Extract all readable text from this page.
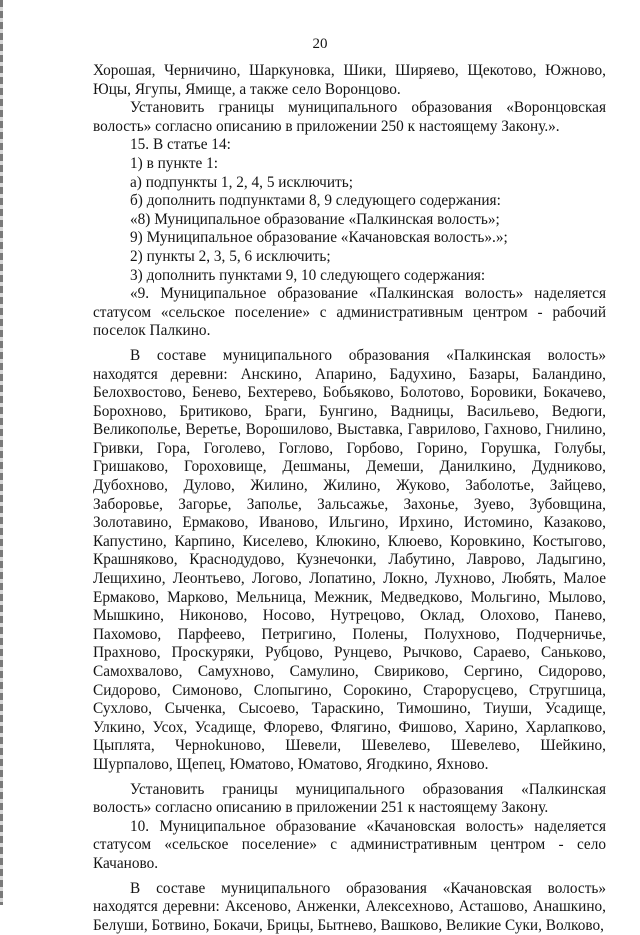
20

Хорошая, Черничино, Шаркуновка, Шики, Ширяево, Щекотово, Южново, Юцы, Ягупы, Ямище, а также село Воронцово.

Установить границы муниципального образования «Воронцовская волость» согласно описанию в приложении 250 к настоящему Закону.».

15. В статье 14:

1) в пункте 1:

а) подпункты 1, 2, 4, 5 исключить;

б) дополнить подпунктами 8, 9 следующего содержания:

«8) Муниципальное образование «Палкинская волость»;

9) Муниципальное образование «Качановская волость».»;

2) пункты 2, 3, 5, 6 исключить;

3) дополнить пунктами 9, 10 следующего содержания:

«9. Муниципальное образование «Палкинская волость» наделяется статусом «сельское поселение» с административным центром - рабочий поселок Палкино.

В составе муниципального образования «Палкинская волость» находятся деревни: Анскино, Апарино, Бадухино, Базары, Баландино, Белохвостово, Бенево, Бехтерево, Бобьяково, Болотово, Боровики, Бокачево, Борохново, Бритиково, Браги, Бунгино, Вадницы, Васильево, Ведюги, Великополье, Веретье, Ворошилово, Выставка, Гаврилово, Гахново, Гнилино, Гривки, Гора, Гоголево, Гоглово, Горбово, Горино, Горушка, Голубы, Гришаково, Гороховище, Дешманы, Демеши, Данилкино, Дудниково, Дубохново, Дулово, Жилино, Жилино, Жуково, Заболотье, Зайцево, Заборовье, Загорье, Заполье, Зальсажье, Захонье, Зуево, Зубовщина, Золотавино, Ермаково, Иваново, Ильгино, Ирхино, Истомино, Казаково, Капустино, Карпино, Киселево, Клюкино, Клюево, Коровкино, Костыгово, Крашняково, Краснодудово, Кузнечонки, Лабутино, Лаврово, Ладыгино, Лещихино, Леонтьево, Логово, Лопатино, Локно, Лухново, Любять, Малое Ермаково, Марково, Мельница, Межник, Медведково, Мольгино, Мылово, Мышкино, Никоново, Носово, Нутрецово, Оклад, Олохово, Панево, Пахомово, Парфеево, Петригино, Полены, Полухново, Подчерничье, Прахново, Проскуряки, Рубцово, Рунцево, Рычково, Сараево, Саньково, Самохвалово, Самухново, Самулино, Свириково, Сергино, Сидорово, Сидорово, Симоново, Слопыгино, Сорокино, Старорусцево, Стругшица, Сухлово, Сыченка, Сысоево, Тараскино, Тимошино, Тиуши, Усадище, Улкино, Усох, Усадище, Флорево, Флягино, Фишово, Харино, Харлапково, Цыплята, Черноkuново, Шевели, Шевелево, Шевелево, Шейкино, Шурпалово, Щепец, Юматово, Юматово, Ягодкино, Яхново.

Установить границы муниципального образования «Палкинская волость» согласно описанию в приложении 251 к настоящему Закону.

10. Муниципальное образование «Качановская волость» наделяется статусом «сельское поселение» с административным центром - село Качаново.

В составе муниципального образования «Качановская волость» находятся деревни: Аксеново, Анженки, Алексехново, Асташово, Анашкино, Белуши, Ботвино, Бокачи, Брицы, Бытнево, Вашково, Великие Суки, Волково,
